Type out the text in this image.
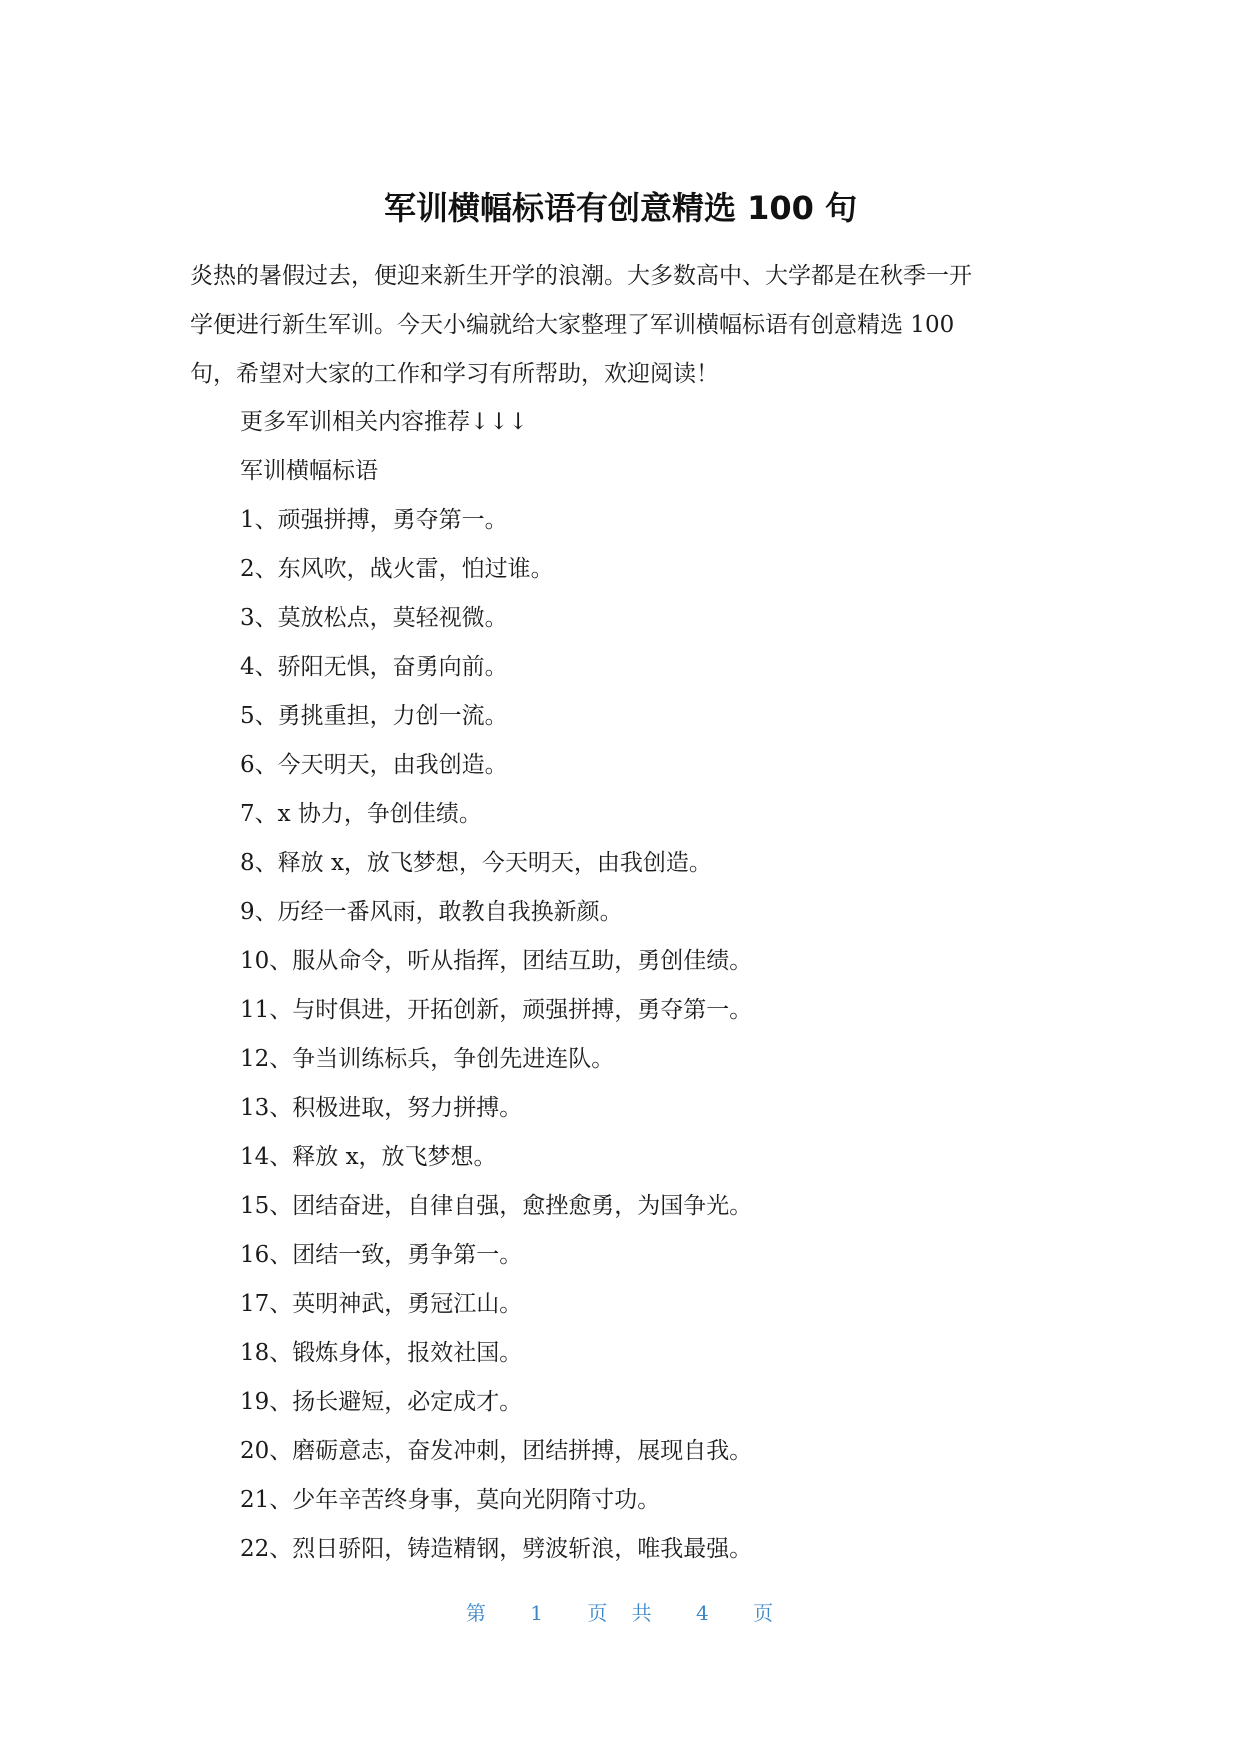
军训横幅标语有创意精选 100 句

炎热的暑假过去，便迎来新生开学的浪潮。大多数高中、大学都是在秋季一开
学便进行新生军训。今天小编就给大家整理了军训横幅标语有创意精选 100
句，希望对大家的工作和学习有所帮助，欢迎阅读！

更多军训相关内容推荐↓↓↓
军训横幅标语
1、顽强拼搏，勇夺第一。
2、东风吹，战火雷，怕过谁。
3、莫放松点，莫轻视微。
4、骄阳无惧，奋勇向前。
5、勇挑重担，力创一流。
6、今天明天，由我创造。
7、x 协力，争创佳绩。
8、释放 x，放飞梦想，今天明天，由我创造。
9、历经一番风雨，敢教自我换新颜。
10、服从命令，听从指挥，团结互助，勇创佳绩。
11、与时俱进，开拓创新，顽强拼搏，勇夺第一。
12、争当训练标兵，争创先进连队。
13、积极进取，努力拼搏。
14、释放 x，放飞梦想。
15、团结奋进，自律自强，愈挫愈勇，为国争光。
16、团结一致，勇争第一。
17、英明神武，勇冠江山。
18、锻炼身体，报效社国。
19、扬长避短，必定成才。
20、磨砺意志，奋发冲刺，团结拼搏，展现自我。
21、少年辛苦终身事，莫向光阴隋寸功。
22、烈日骄阳，铸造精钢，劈波斩浪，唯我最强。
第 1 页 共 4 页
